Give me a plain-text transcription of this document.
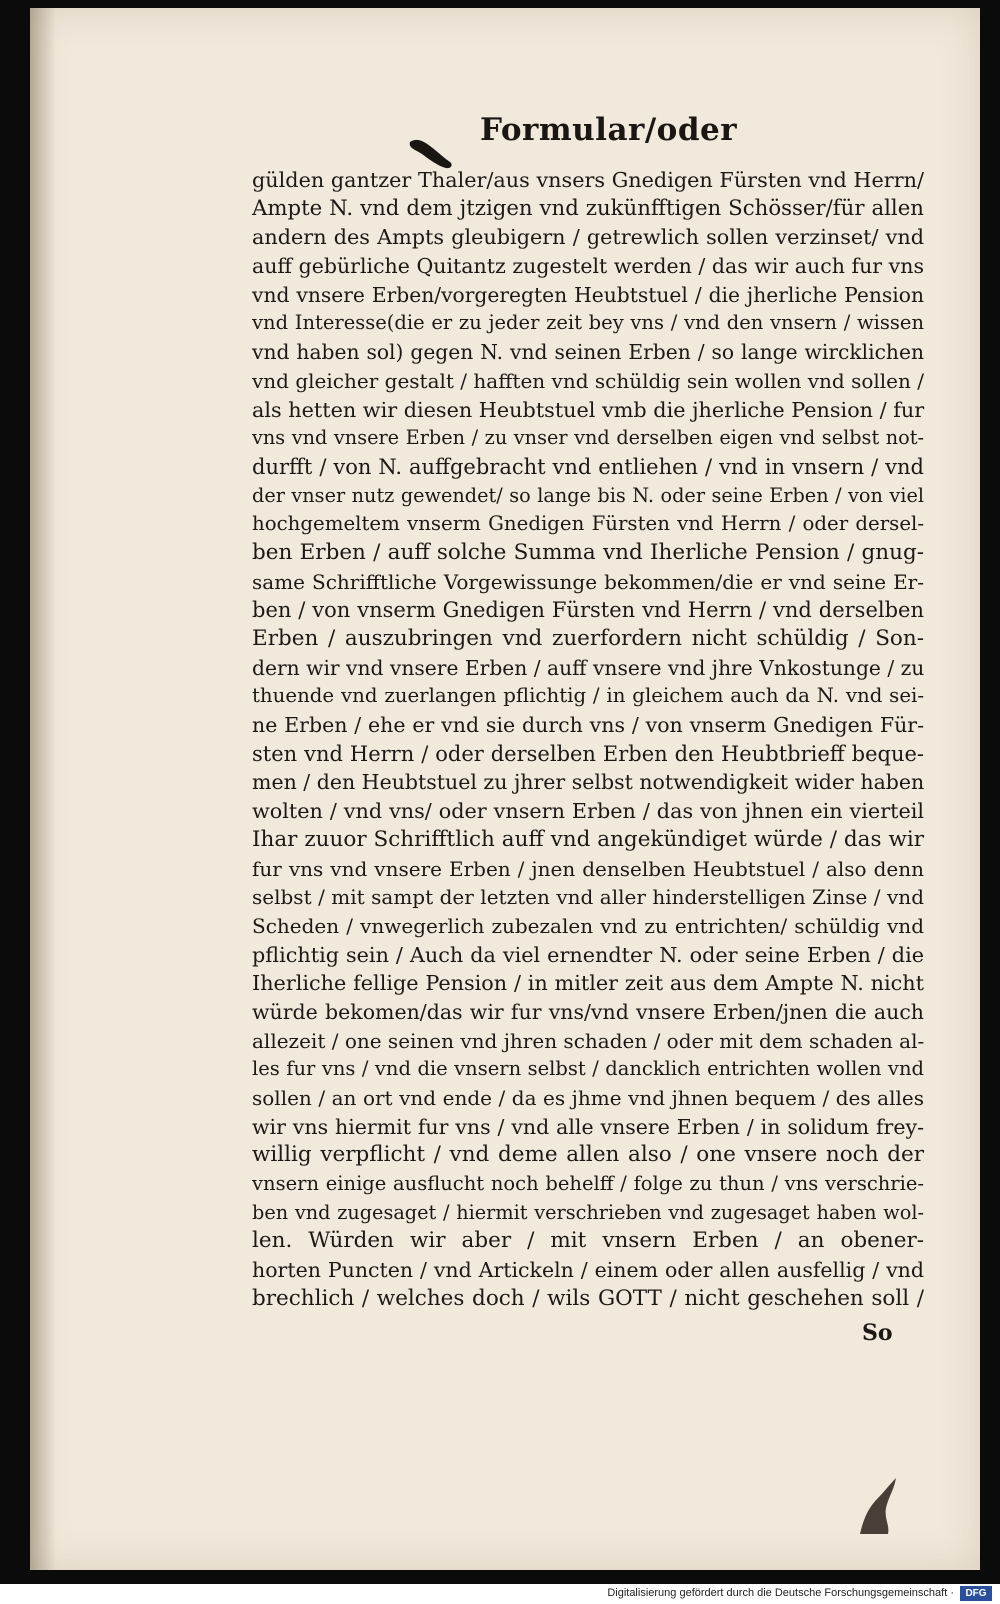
Formular/oder
gülden gantzer Thaler/aus vnsers Gnedigen Fürsten vnd Herrn/
Ampte N. vnd dem jtzigen vnd zukünfftigen Schösser/für allen
andern des Ampts gleubigern / getrewlich sollen verzinset/ vnd
auff gebürliche Quitantz zugestelt werden / das wir auch fur vns
vnd vnsere Erben/vorgeregten Heubtstuel / die jherliche Pension
vnd Interesse(die er zu jeder zeit bey vns / vnd den vnsern / wissen
vnd haben sol) gegen N. vnd seinen Erben / so lange wircklichen
vnd gleicher gestalt / hafften vnd schüldig sein wollen vnd sollen /
als hetten wir diesen Heubtstuel vmb die jherliche Pension / fur
vns vnd vnsere Erben / zu vnser vnd derselben eigen vnd selbst not-
durfft / von N. auffgebracht vnd entliehen / vnd in vnsern / vnd
der vnser nutz gewendet/ so lange bis N. oder seine Erben / von viel
hochgemeltem vnserm Gnedigen Fürsten vnd Herrn / oder dersel-
ben Erben / auff solche Summa vnd Iherliche Pension / gnug-
same Schrifftliche Vorgewissunge bekommen/die er vnd seine Er-
ben / von vnserm Gnedigen Fürsten vnd Herrn / vnd derselben
Erben / auszubringen vnd zuerfordern nicht schüldig / Son-
dern wir vnd vnsere Erben / auff vnsere vnd jhre Vnkostunge / zu
thuende vnd zuerlangen pflichtig / in gleichem auch da N. vnd sei-
ne Erben / ehe er vnd sie durch vns / von vnserm Gnedigen Für-
sten vnd Herrn / oder derselben Erben den Heubtbrieff beque-
men / den Heubtstuel zu jhrer selbst notwendigkeit wider haben
wolten / vnd vns/ oder vnsern Erben / das von jhnen ein vierteil
Ihar zuuor Schrifftlich auff vnd angekündiget würde / das wir
fur vns vnd vnsere Erben / jnen denselben Heubtstuel / also denn
selbst / mit sampt der letzten vnd aller hinderstelligen Zinse / vnd
Scheden / vnwegerlich zubezalen vnd zu entrichten/ schüldig vnd
pflichtig sein / Auch da viel ernendter N. oder seine Erben / die
Iherliche fellige Pension / in mitler zeit aus dem Ampte N. nicht
würde bekomen/das wir fur vns/vnd vnsere Erben/jnen die auch
allezeit / one seinen vnd jhren schaden / oder mit dem schaden al-
les fur vns / vnd die vnsern selbst / dancklich entrichten wollen vnd
sollen / an ort vnd ende / da es jhme vnd jhnen bequem / des alles
wir vns hiermit fur vns / vnd alle vnsere Erben / in solidum frey-
willig verpflicht / vnd deme allen also / one vnsere noch der
vnsern einige ausflucht noch behelff / folge zu thun / vns verschrie-
ben vnd zugesaget / hiermit verschrieben vnd zugesaget haben wol-
len. Würden wir aber / mit vnsern Erben / an obener-
horten Puncten / vnd Artickeln / einem oder allen ausfellig / vnd
brechlich / welches doch / wils GOTT / nicht geschehen soll /
So
Digitalisierung gefördert durch die Deutsche Forschungsgemeinschaft ·	DFG
